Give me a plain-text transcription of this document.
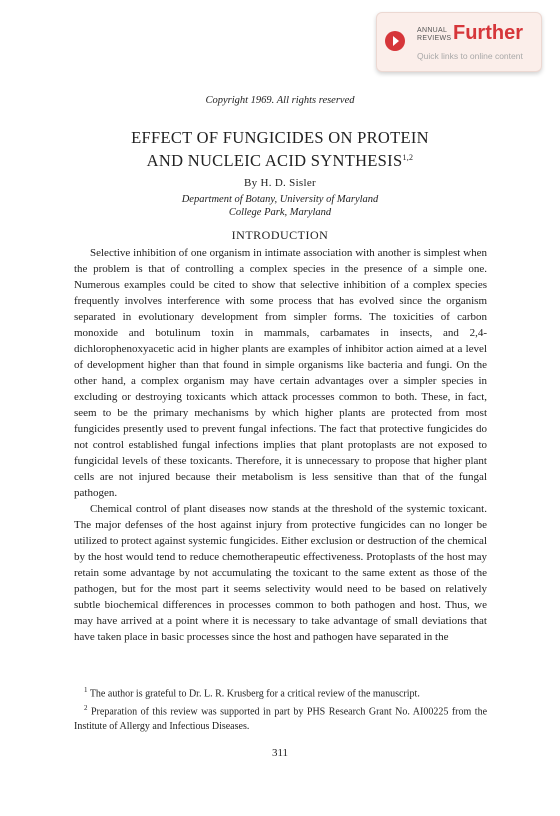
ANNUAL
REVIEWS Further
Quick links to online content
Copyright 1969. All rights reserved
EFFECT OF FUNGICIDES ON PROTEIN
AND NUCLEIC ACID SYNTHESIS$^{1,2}$
By H. D. Sisler
Department of Botany, University of Maryland
College Park, Maryland
INTRODUCTION

Selective inhibition of one organism in intimate association with another is simplest when the problem is that of controlling a complex species in the presence of a simple one. Numerous examples could be cited to show that selective inhibition of a complex species frequently involves interference with some process that has evolved since the organism separated in evolutionary development from simpler forms. The toxicities of carbon monoxide and botulinum toxin in mammals, carbamates in insects, and 2,4-dichlorophenoxyacetic acid in higher plants are examples of inhibitor action aimed at a level of development higher than that found in simple organisms like bacteria and fungi. On the other hand, a complex organism may have certain advantages over a simpler species in excluding or destroying toxicants which attack processes common to both. These, in fact, seem to be the primary mechanisms by which higher plants are protected from most fungicides presently used to prevent fungal infections. The fact that protective fungicides do not control established fungal infections implies that plant protoplasts are not exposed to fungicidal levels of these toxicants. Therefore, it is unnecessary to propose that higher plant cells are not injured because their metabolism is less sensitive than that of the fungal pathogen.

Chemical control of plant diseases now stands at the threshold of the systemic toxicant. The major defenses of the host against injury from protective fungicides can no longer be utilized to protect against systemic fungicides. Either exclusion or destruction of the chemical by the host would tend to reduce chemotherapeutic effectiveness. Protoplasts of the host may retain some advantage by not accumulating the toxicant to the same extent as those of the pathogen, but for the most part it seems selectivity would need to be based on relatively subtle biochemical differences in processes common to both pathogen and host. Thus, we may have arrived at a point where it is necessary to take advantage of small deviations that have taken place in basic processes since the host and pathogen have separated in the

$^1$ The author is grateful to Dr. L. R. Krusberg for a critical review of the manuscript.

$^2$ Preparation of this review was supported in part by PHS Research Grant No. AI00225 from the Institute of Allergy and Infectious Diseases.

311
